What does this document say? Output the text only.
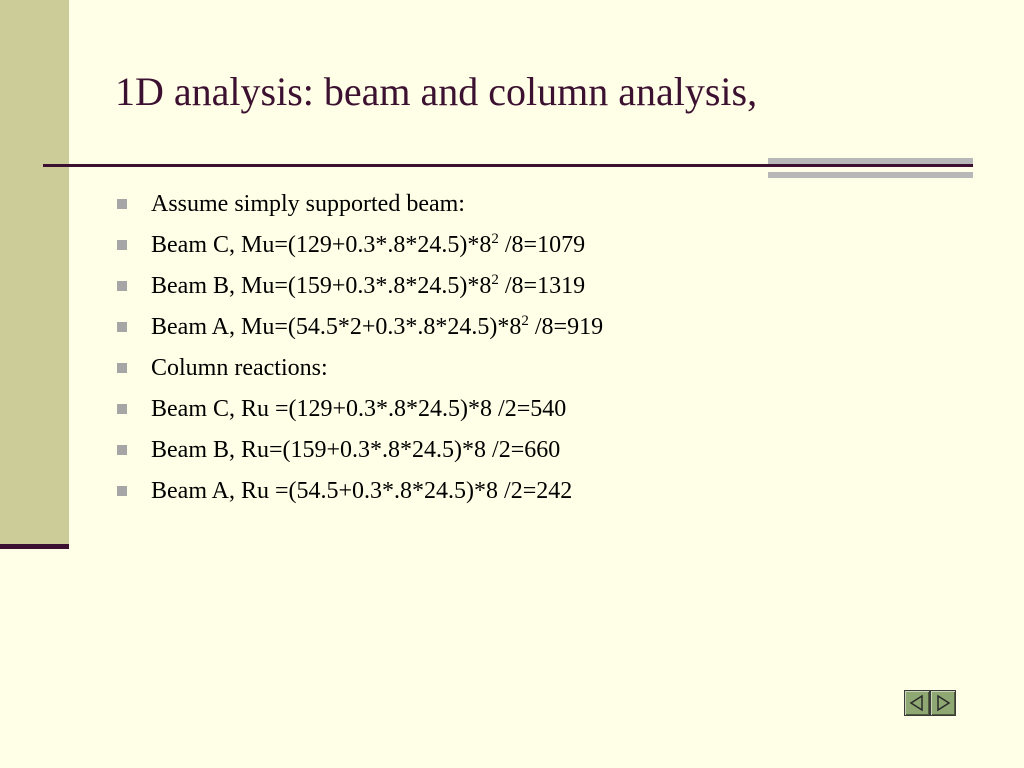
1D analysis: beam and column analysis,
Assume simply supported beam:
Beam C, $Mu=(129+0.3*.8*24.5)*8^2$ /8=1079
Beam B, $Mu=(159+0.3*.8*24.5)*8^2$ /8=1319
Beam A, $Mu=(54.5*2+0.3*.8*24.5)*8^2$ /8=919
Column reactions:
Beam C, Ru =(129+0.3*.8*24.5)*8 /2=540
Beam B, Ru=(159+0.3*.8*24.5)*8 /2=660
Beam A, Ru =(54.5+0.3*.8*24.5)*8 /2=242
